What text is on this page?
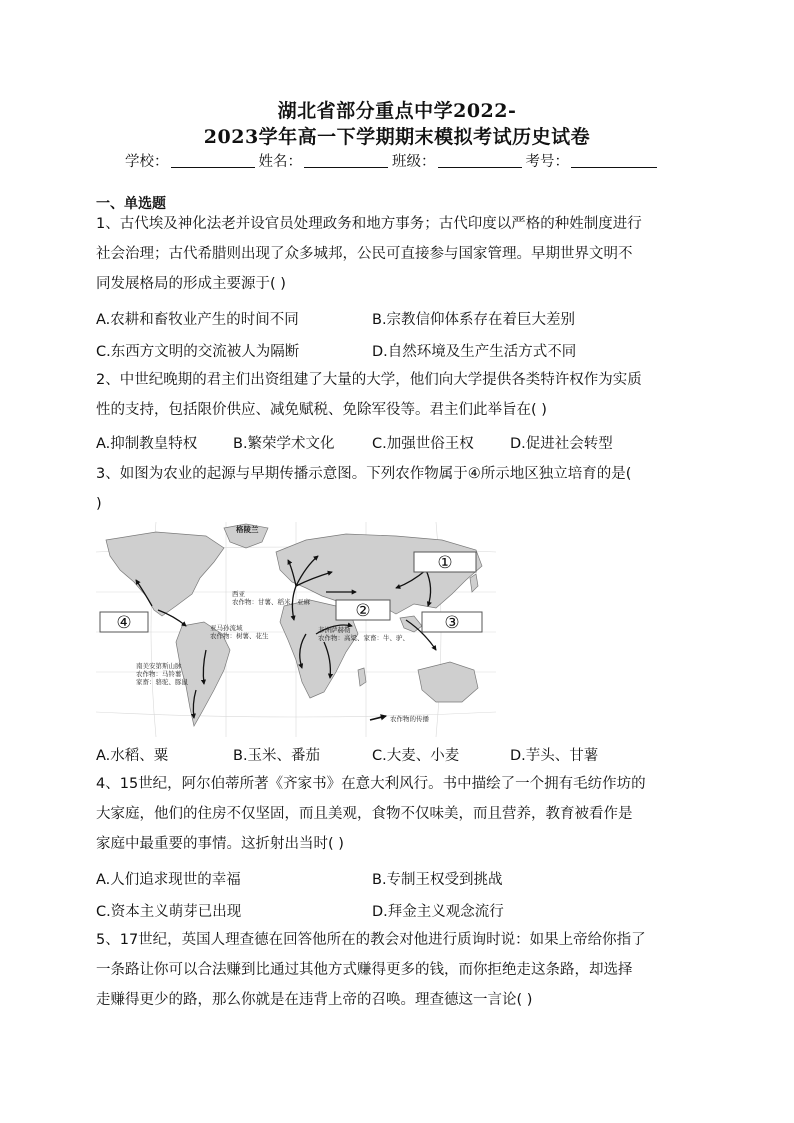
湖北省部分重点中学2022-
2023学年高一下学期期末模拟考试历史试卷
学校：	姓名：	班级：	考号：
一、单选题
1、古代埃及神化法老并设官员处理政务和地方事务；古代印度以严格的种姓制度进行
社会治理；古代希腊则出现了众多城邦，公民可直接参与国家管理。早期世界文明不
同发展格局的形成主要源于( )
A.农耕和畜牧业产生的时间不同	B.宗教信仰体系存在着巨大差别
C.东西方文明的交流被人为隔断	D.自然环境及生产生活方式不同
2、中世纪晚期的君主们出资组建了大量的大学，他们向大学提供各类特许权作为实质
性的支持，包括限价供应、减免赋税、免除军役等。君主们此举旨在( )
A.抑制教皇特权 B.繁荣学术文化	C.加强世俗王权	D.促进社会转型
3、如图为农业的起源与早期传播示意图。下列农作物属于④所示地区独立培育的是(
)
①
②
③
④
格陵兰
西亚
农作物：甘薯、稻米、亚麻
亚马孙流域
农作物：树薯、花生
南美安第斯山脉
农作物：马铃薯
家畜：骆驼、豚鼠
非洲萨赫勒
农作物：高粱、家畜：牛、驴、
农作物的传播
A.水稻、粟	B.玉米、番茄	C.大麦、小麦	D.芋头、甘薯
4、15世纪，阿尔伯蒂所著《齐家书》在意大利风行。书中描绘了一个拥有毛纺作坊的
大家庭，他们的住房不仅坚固，而且美观，食物不仅味美，而且营养，教育被看作是
家庭中最重要的事情。这折射出当时( )
A.人们追求现世的幸福	B.专制王权受到挑战
C.资本主义萌芽已出现	D.拜金主义观念流行
5、17世纪，英国人理查德在回答他所在的教会对他进行质询时说：如果上帝给你指了
一条路让你可以合法赚到比通过其他方式赚得更多的钱，而你拒绝走这条路，却选择
走赚得更少的路，那么你就是在违背上帝的召唤。理查德这一言论( )
